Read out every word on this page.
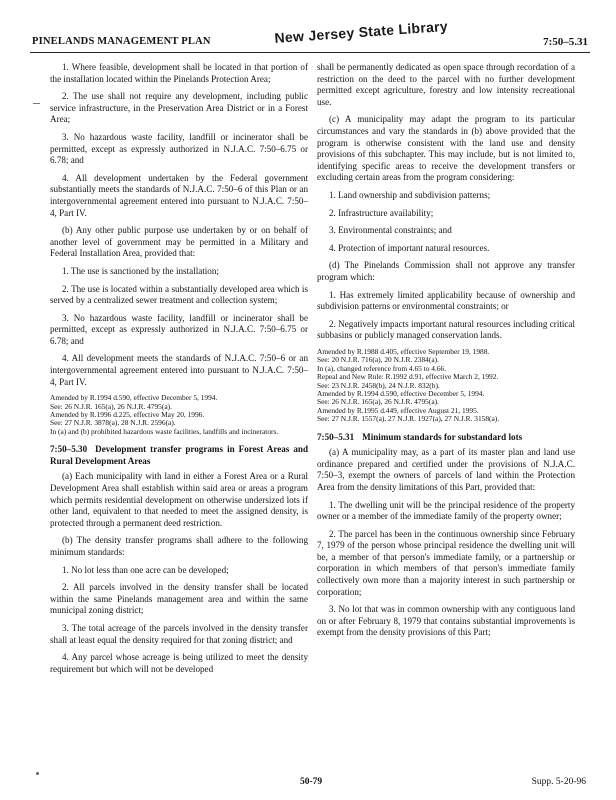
PINELANDS MANAGEMENT PLAN	New Jersey State Library	7:50–5.31

1. Where feasible, development shall be located in that portion of the installation located within the Pinelands Protection Area;

2. The use shall not require any development, including public service infrastructure, in the Preservation Area District or in a Forest Area;

3. No hazardous waste facility, landfill or incinerator shall be permitted, except as expressly authorized in N.J.A.C. 7:50–6.75 or 6.78; and

4. All development undertaken by the Federal government substantially meets the standards of N.J.A.C. 7:50–6 of this Plan or an intergovernmental agreement entered into pursuant to N.J.A.C. 7:50–4, Part IV.

(b) Any other public purpose use undertaken by or on behalf of another level of government may be permitted in a Military and Federal Installation Area, provided that:

1. The use is sanctioned by the installation;

2. The use is located within a substantially developed area which is served by a centralized sewer treatment and collection system;

3. No hazardous waste facility, landfill or incinerator shall be permitted, except as expressly authorized in N.J.A.C. 7:50–6.75 or 6.78; and

4. All development meets the standards of N.J.A.C. 7:50–6 or an intergovernmental agreement entered into pursuant to N.J.A.C. 7:50–4, Part IV.

Amended by R.1994 d.590, effective December 5, 1994.
See: 26 N.J.R. 165(a), 26 N.J.R. 4795(a).
Amended by R.1996 d.225, effective May 20, 1996.
See: 27 N.J.R. 3878(a), 28 N.J.R. 2596(a).
In (a) and (b) prohibited hazardous waste facilities, landfills and incinerators.
7:50–5.30 Development transfer programs in Forest Areas and Rural Development Areas

(a) Each municipality with land in either a Forest Area or a Rural Development Area shall establish within said area or areas a program which permits residential development on otherwise undersized lots if other land, equivalent to that needed to meet the assigned density, is protected through a permanent deed restriction.

(b) The density transfer programs shall adhere to the following minimum standards:

1. No lot less than one acre can be developed;

2. All parcels involved in the density transfer shall be located within the same Pinelands management area and within the same municipal zoning district;

3. The total acreage of the parcels involved in the density transfer shall at least equal the density required for that zoning district; and

4. Any parcel whose acreage is being utilized to meet the density requirement but which will not be developed

shall be permanently dedicated as open space through recordation of a restriction on the deed to the parcel with no further development permitted except agriculture, forestry and low intensity recreational use.

(c) A municipality may adapt the program to its particular circumstances and vary the standards in (b) above provided that the program is otherwise consistent with the land use and density provisions of this subchapter. This may include, but is not limited to, identifying specific areas to receive the development transfers or excluding certain areas from the program considering:

1. Land ownership and subdivision patterns;

2. Infrastructure availability;

3. Environmental constraints; and

4. Protection of important natural resources.

(d) The Pinelands Commission shall not approve any transfer program which:

1. Has extremely limited applicability because of ownership and subdivision patterns or environmental constraints; or

2. Negatively impacts important natural resources including critical subbasins or publicly managed conservation lands.

Amended by R.1988 d.405, effective September 19, 1988.
See: 20 N.J.R. 716(a), 20 N.J.R. 2384(a).
In (a), changed reference from 4.65 to 4.66.
Repeal and New Rule: R.1992 d.91, effective March 2, 1992.
See: 23 N.J.R. 2458(b), 24 N.J.R. 832(b).
Amended by R.1994 d.590, effective December 5, 1994.
See: 26 N.J.R. 165(a), 26 N.J.R. 4795(a).
Amended by R.1995 d.449, effective August 21, 1995.
See: 27 N.J.R. 1557(a), 27 N.J.R. 1927(a), 27 N.J.R. 3158(a).
7:50–5.31 Minimum standards for substandard lots

(a) A municipality may, as a part of its master plan and land use ordinance prepared and certified under the provisions of N.J.A.C. 7:50–3, exempt the owners of parcels of land within the Protection Area from the density limitations of this Part, provided that:

1. The dwelling unit will be the principal residence of the property owner or a member of the immediate family of the property owner;

2. The parcel has been in the continuous ownership since February 7, 1979 of the person whose principal residence the dwelling unit will be, a member of that person's immediate family, or a partnership or corporation in which members of that person's immediate family collectively own more than a majority interest in such partnership or corporation;

3. No lot that was in common ownership with any contiguous land on or after February 8, 1979 that contains substantial improvements is exempt from the density provisions of this Part;

50-79	Supp. 5-20-96
